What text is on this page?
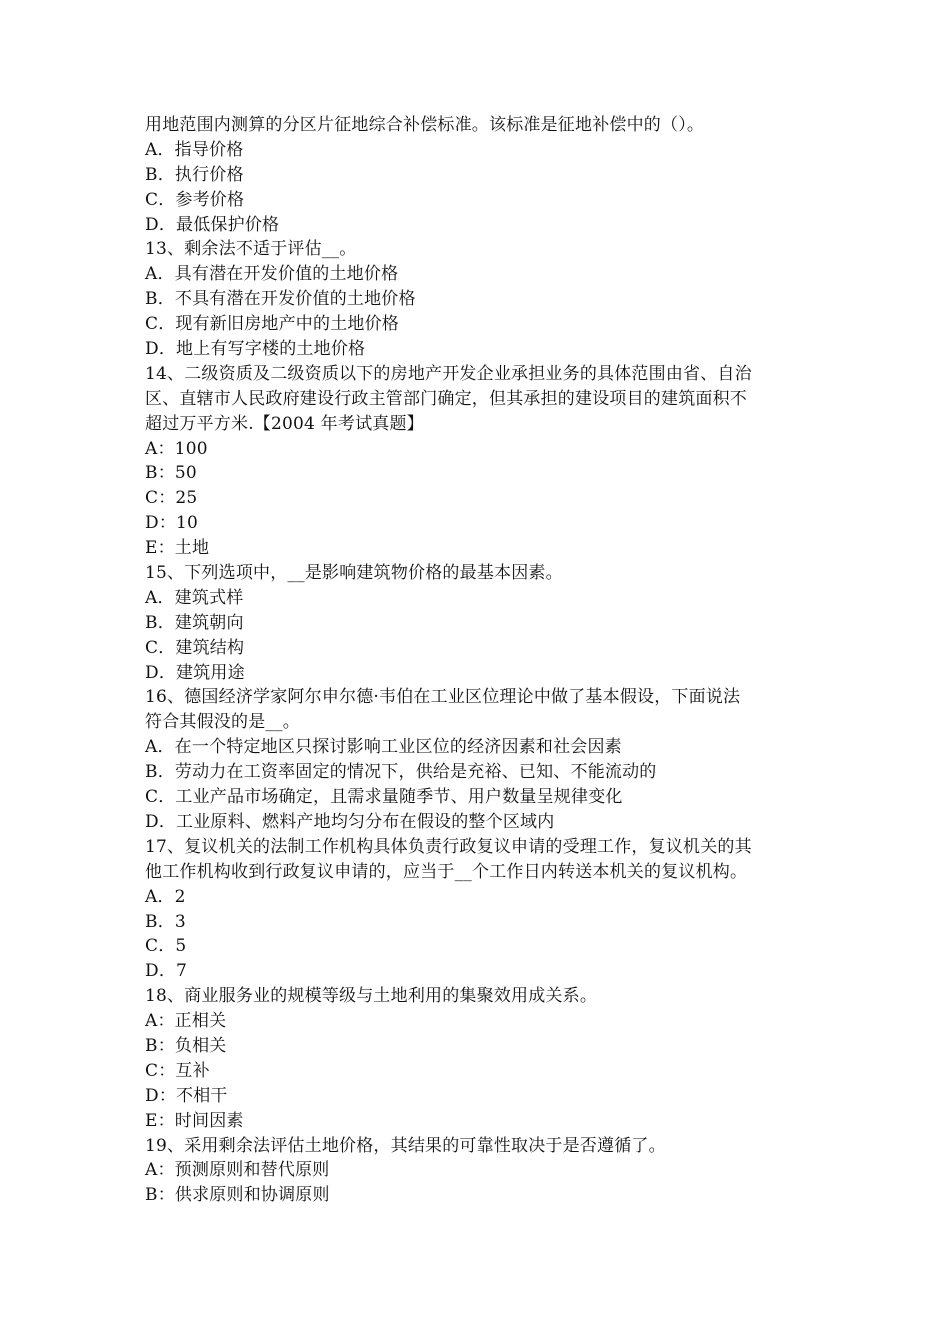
用地范围内测算的分区片征地综合补偿标准。该标准是征地补偿中的（）。
A．指导价格
B．执行价格
C．参考价格
D．最低保护价格
13、剩余法不适于评估__。
A．具有潜在开发价值的土地价格
B．不具有潜在开发价值的土地价格
C．现有新旧房地产中的土地价格
D．地上有写字楼的土地价格
14、二级资质及二级资质以下的房地产开发企业承担业务的具体范围由省、自治
区、直辖市人民政府建设行政主管部门确定，但其承担的建设项目的建筑面积不
超过万平方米.【2004 年考试真题】
A：100
B：50
C：25
D：10
E：土地
15、下列选项中，__是影响建筑物价格的最基本因素。
A．建筑式样
B．建筑朝向
C．建筑结构
D．建筑用途
16、德国经济学家阿尔申尔德·韦伯在工业区位理论中做了基本假设，下面说法
符合其假没的是__。
A．在一个特定地区只探讨影响工业区位的经济因素和社会因素
B．劳动力在工资率固定的情况下，供给是充裕、已知、不能流动的
C．工业产品市场确定，且需求量随季节、用户数量呈规律变化
D．工业原料、燃料产地均匀分布在假设的整个区域内
17、复议机关的法制工作机构具体负责行政复议申请的受理工作，复议机关的其
他工作机构收到行政复议申请的，应当于__个工作日内转送本机关的复议机构。
A．2
B．3
C．5
D．7
18、商业服务业的规模等级与土地利用的集聚效用成关系。
A：正相关
B：负相关
C：互补
D：不相干
E：时间因素
19、采用剩余法评估土地价格，其结果的可靠性取决于是否遵循了。
A：预测原则和替代原则
B：供求原则和协调原则
